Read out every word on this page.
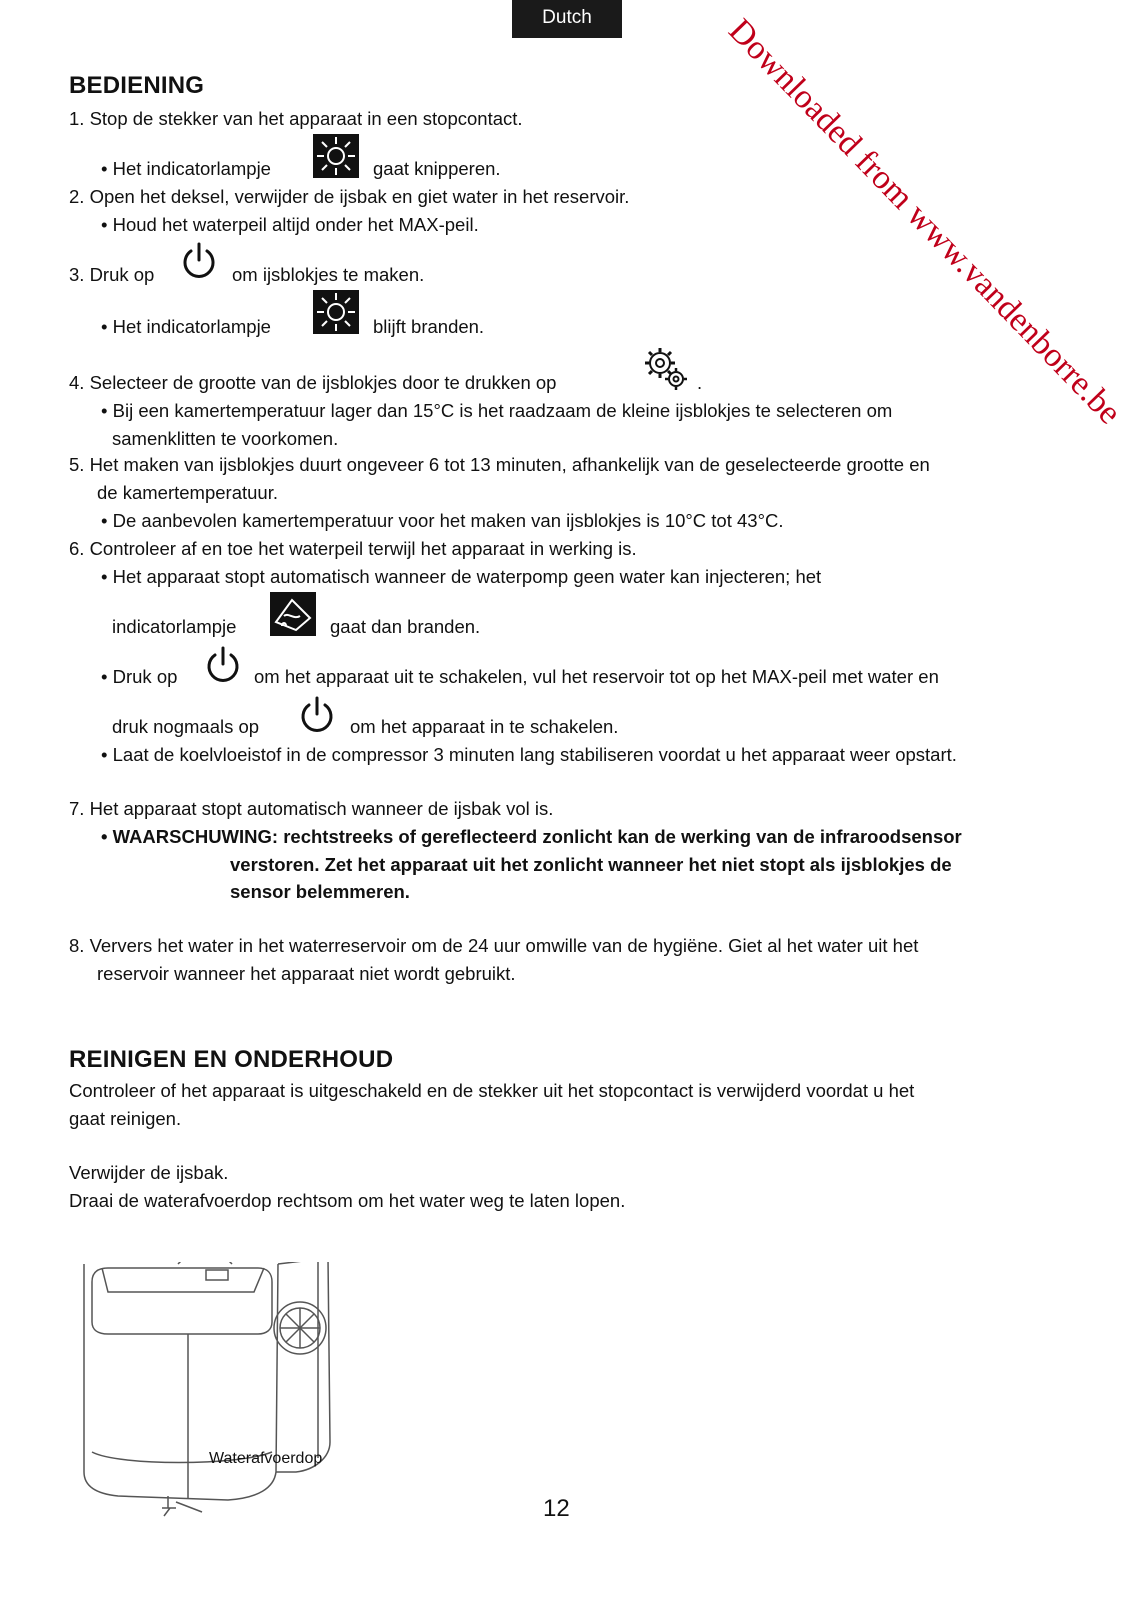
Dutch	Downloaded from www.vandenborre.be
BEDIENING
1. Stop de stekker van het apparaat in een stopcontact.
• Het indicatorlampje	gaat knipperen.
2. Open het deksel, verwijder de ijsbak en giet water in het reservoir.
• Houd het waterpeil altijd onder het MAX-peil.
3. Druk op	om ijsblokjes te maken.
• Het indicatorlampje	blijft branden.
4. Selecteer de grootte van de ijsblokjes door te drukken op	.
• Bij een kamertemperatuur lager dan 15°C is het raadzaam de kleine ijsblokjes te selecteren om
samenklitten te voorkomen.
5. Het maken van ijsblokjes duurt ongeveer 6 tot 13 minuten, afhankelijk van de geselecteerde grootte en
de kamertemperatuur.
• De aanbevolen kamertemperatuur voor het maken van ijsblokjes is 10°C tot 43°C.
6. Controleer af en toe het waterpeil terwijl het apparaat in werking is.
• Het apparaat stopt automatisch wanneer de waterpomp geen water kan injecteren; het
indicatorlampje	gaat dan branden.
• Druk op	om het apparaat uit te schakelen, vul het reservoir tot op het MAX-peil met water en
druk nogmaals op	om het apparaat in te schakelen.
• Laat de koelvloeistof in de compressor 3 minuten lang stabiliseren voordat u het apparaat weer opstart.
7. Het apparaat stopt automatisch wanneer de ijsbak vol is.
• WAARSCHUWING: rechtstreeks of gereflecteerd zonlicht kan de werking van de infraroodsensor
verstoren. Zet het apparaat uit het zonlicht wanneer het niet stopt als ijsblokjes de
sensor belemmeren.
8. Ververs het water in het waterreservoir om de 24 uur omwille van de hygiëne. Giet al het water uit het
reservoir wanneer het apparaat niet wordt gebruikt.
REINIGEN EN ONDERHOUD
Controleer of het apparaat is uitgeschakeld en de stekker uit het stopcontact is verwijderd voordat u het
gaat reinigen.
Verwijder de ijsbak.
Draai de waterafvoerdop rechtsom om het water weg te laten lopen.
Waterafvoerdop
12
